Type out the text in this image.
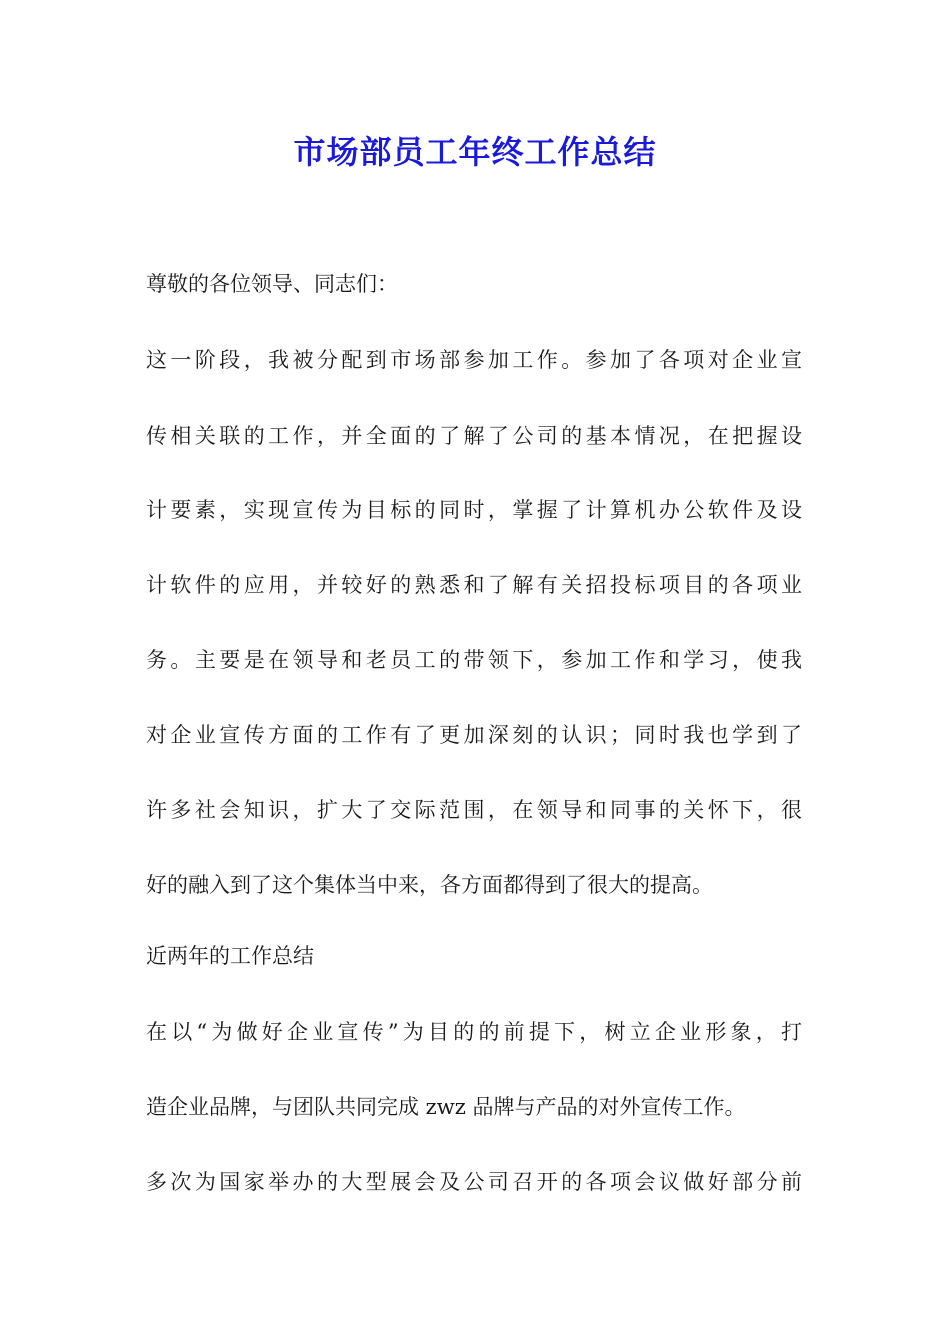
市场部员工年终工作总结
尊敬的各位领导、同志们：
这一阶段，我被分配到市场部参加工作。参加了各项对企业宣
传相关联的工作，并全面的了解了公司的基本情况，在把握设
计要素，实现宣传为目标的同时，掌握了计算机办公软件及设
计软件的应用，并较好的熟悉和了解有关招投标项目的各项业
务。主要是在领导和老员工的带领下，参加工作和学习，使我
对企业宣传方面的工作有了更加深刻的认识；同时我也学到了
许多社会知识，扩大了交际范围，在领导和同事的关怀下，很
好的融入到了这个集体当中来，各方面都得到了很大的提高。
近两年的工作总结
在以“为做好企业宣传”为目的的前提下，树立企业形象，打
造企业品牌，与团队共同完成 zwz 品牌与产品的对外宣传工作。
多次为国家举办的大型展会及公司召开的各项会议做好部分前
